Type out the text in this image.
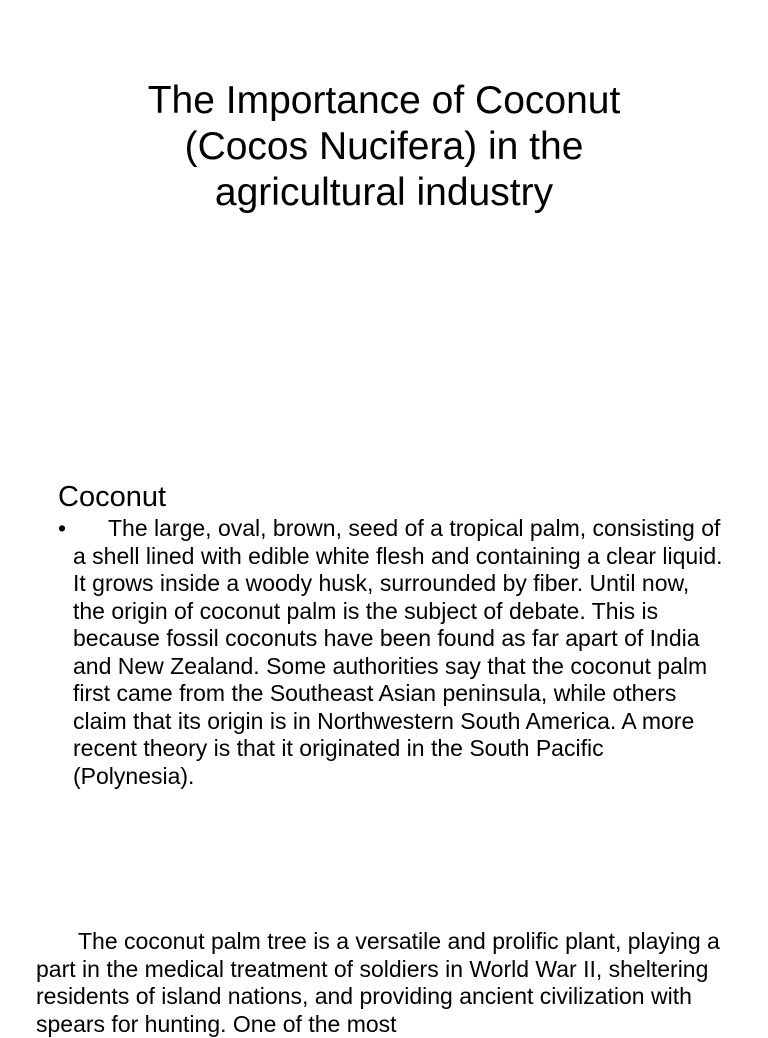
The Importance of Coconut (Cocos Nucifera) in the agricultural industry
Coconut
•	The large, oval, brown, seed of a tropical palm, consisting of a shell lined with edible white flesh and containing a clear liquid. It grows inside a woody husk, surrounded by fiber. Until now, the origin of coconut palm is the subject of debate. This is because fossil coconuts have been found as far apart of India and New Zealand. Some authorities say that the coconut palm first came from the Southeast Asian peninsula, while others claim that its origin is in Northwestern South America. A more recent theory is that it originated in the South Pacific (Polynesia).

The coconut palm tree is a versatile and prolific plant, playing a part in the medical treatment of soldiers in World War II, sheltering residents of island nations, and providing ancient civilization with spears for hunting. One of the most
